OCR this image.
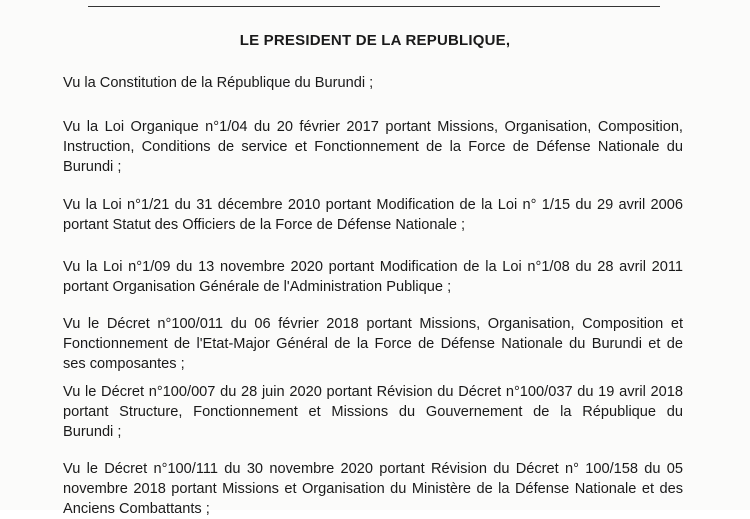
LE PRESIDENT DE LA REPUBLIQUE,
Vu la Constitution de la République du Burundi ;
Vu la Loi Organique n°1/04 du 20 février 2017 portant Missions, Organisation, Composition,
Instruction, Conditions de service et Fonctionnement de la Force de Défense Nationale du
Burundi ;
Vu la Loi n°1/21 du 31 décembre 2010 portant Modification de la Loi n° 1/15 du 29 avril 2006
portant Statut des Officiers de la Force de Défense Nationale ;
Vu la Loi n°1/09 du 13 novembre 2020 portant Modification de la Loi n°1/08 du 28 avril 2011
portant Organisation Générale de l'Administration Publique ;
Vu le Décret n°100/011 du 06 février 2018 portant Missions, Organisation, Composition et
Fonctionnement de l'Etat-Major Général de la Force de Défense Nationale du Burundi et de
ses composantes ;
Vu le Décret n°100/007 du 28 juin 2020 portant Révision du Décret n°100/037 du 19 avril 2018
portant Structure, Fonctionnement et Missions du Gouvernement de la République du
Burundi ;
Vu le Décret n°100/111 du 30 novembre 2020 portant Révision du Décret n° 100/158 du 05
novembre 2018 portant Missions et Organisation du Ministère de la Défense Nationale et des
Anciens Combattants ;
